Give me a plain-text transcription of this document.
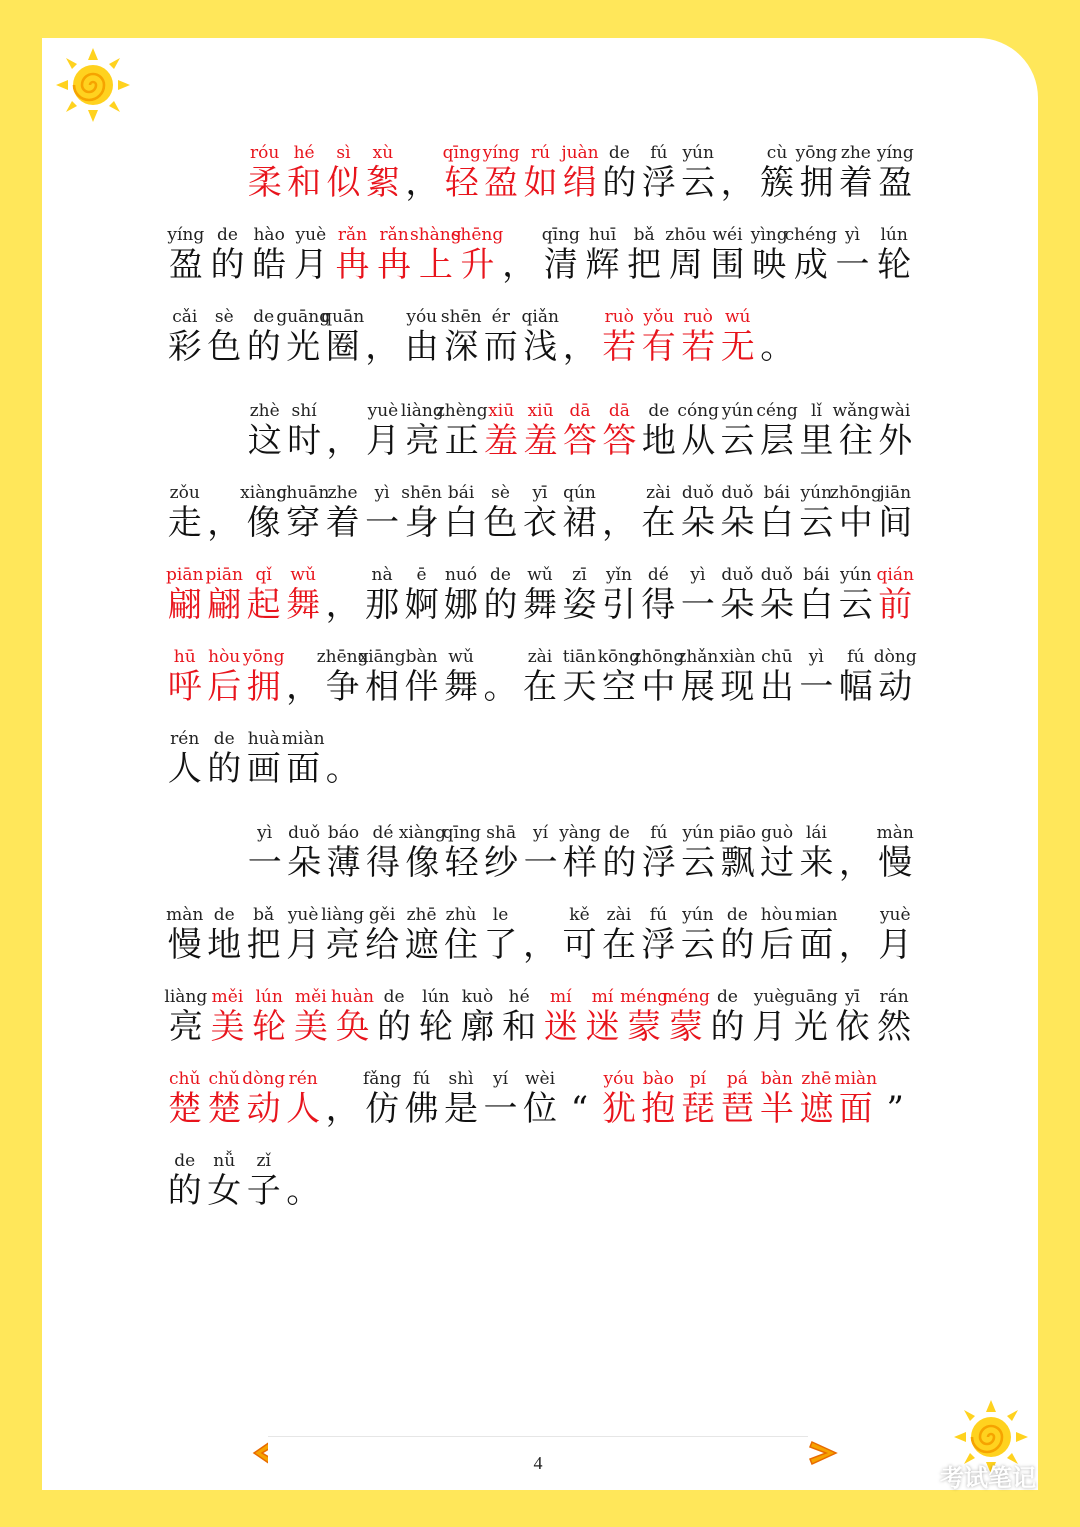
róu
柔
hé
和
sì
似
xù
絮 ，
qīng
轻
yíng
盈
rú
如
juàn
绢
de
的
fú
浮
yún
云 ，
cù
簇
yōng
拥
zhe
着
yíng
盈
yíng
盈
de
的
hào
皓
yuè
月
rǎn
冉
rǎn
冉
shàng
上
shēng
升 ，
qīng
清
huī
辉
bǎ
把
zhōu
周
wéi
围
yìng
映
chéng
成
yì
一
lún
轮
cǎi
彩
sè
色
de
的
guāng
光
quān
圈 ，
yóu
由
shēn
深
ér
而
qiǎn
浅 ，
ruò
若
yǒu
有
ruò
若
wú
无 。
zhè
这
shí
时 ，
yuè
月
liàng
亮
zhèng
正
xiū
羞
xiū
羞
dā
答
dā
答
de
地
cóng
从
yún
云
céng
层
lǐ
里
wǎng
往
wài
外
zǒu
走 ，
xiàng
像
chuān
穿
zhe
着
yì
一
shēn
身
bái
白
sè
色
yī
衣
qún
裙 ，
zài
在
duǒ
朵
duǒ
朵
bái
白
yún
云
zhōng
中
jiān
间
piān
翩
piān
翩
qǐ
起
wǔ
舞 ，
nà
那
ē
婀
nuó
娜
de
的
wǔ
舞
zī
姿
yǐn
引
dé
得
yì
一
duǒ
朵
duǒ
朵
bái
白
yún
云
qián
前
hū
呼
hòu
后
yōng
拥 ，
zhēng
争
xiāng
相
bàn
伴
wǔ
舞 。
zài
在
tiān
天
kōng
空
zhōng
中
zhǎn
展
xiàn
现
chū
出
yì
一
fú
幅
dòng
动
rén
人
de
的
huà
画
miàn
面 。
yì
一
duǒ
朵
báo
薄
dé
得
xiàng
像
qīng
轻
shā
纱
yí
一
yàng
样
de
的
fú
浮
yún
云
piāo
飘
guò
过
lái
来 ，
màn
慢
màn
慢
de
地
bǎ
把
yuè
月
liàng
亮
gěi
给
zhē
遮
zhù
住
le
了 ，
kě
可
zài
在
fú
浮
yún
云
de
的
hòu
后
mian
面 ，
yuè
月
liàng
亮
měi
美
lún
轮
měi
美
huàn
奂
de
的
lún
轮
kuò
廓
hé
和
mí
迷
mí
迷
méng
蒙
méng
蒙
de
的
yuè
月
guāng
光
yī
依
rán
然
chǔ
楚
chǔ
楚
dòng
动
rén
人 ，
fǎng
仿
fú
佛
shì
是
yí
一
wèi
位 “
yóu
犹
bào
抱
pí
琵
pá
琶
bàn
半
zhē
遮
miàn
面 ”
de
的
nǚ
女
zǐ
子 。
4
考试笔记
